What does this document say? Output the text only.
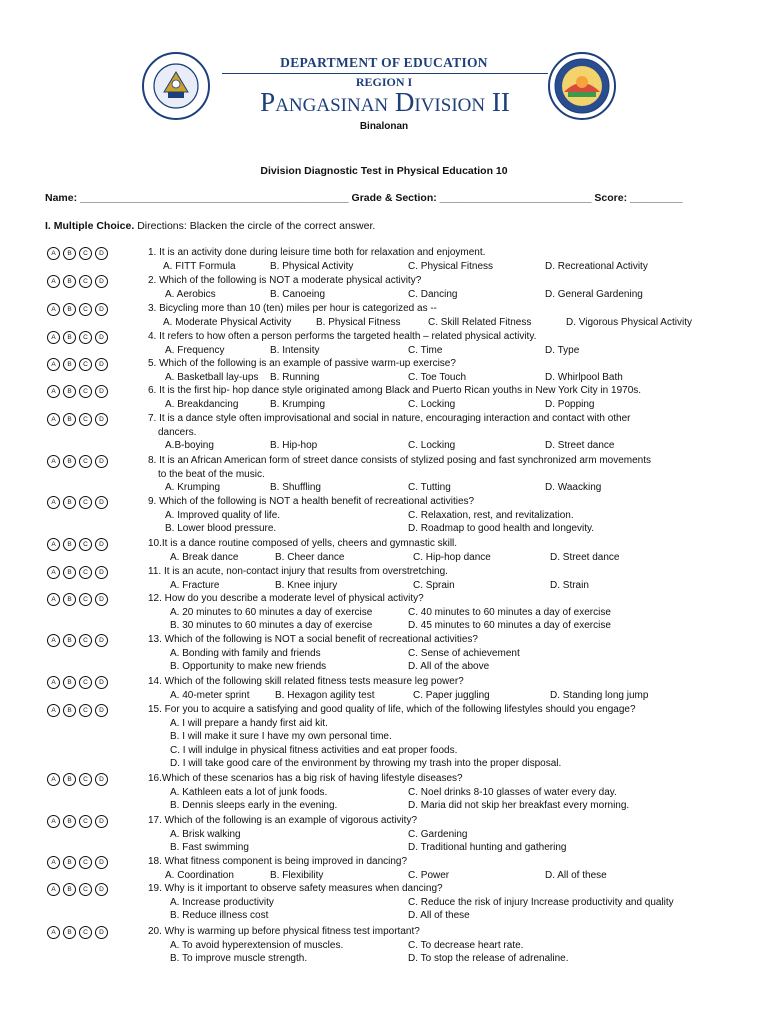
DEPARTMENT OF EDUCATION
REGION I
Pangasinan Division II
Binalonan
Division Diagnostic Test in Physical Education 10
Name: ______________________________________________ Grade & Section: __________________________ Score: _________
I. Multiple Choice. Directions: Blacken the circle of the correct answer.
A	B	C	D	1. It is an activity done during leisure time both for relaxation and enjoyment.
A. FITT Formula	B. Physical Activity	C. Physical Fitness	D. Recreational Activity
A	B	C	D	2. Which of the following is NOT a moderate physical activity?
A. Aerobics	B. Canoeing	C. Dancing	D. General Gardening
A	B	C	D	3. Bicycling more than 10 (ten) miles per hour is categorized as --
A. Moderate Physical Activity B. Physical Fitness	C. Skill Related Fitness	D. Vigorous Physical Activity
A	B	C	D	4. It refers to how often a person performs the targeted health – related physical activity.
A. Frequency	B. Intensity	C. Time	D. Type
A	B	C	D	5. Which of the following is an example of passive warm-up exercise?
A. Basketball lay-ups B. Running	C. Toe Touch	D. Whirlpool Bath
A	B	C	D	6. It is the first hip- hop dance style originated among Black and Puerto Rican youths in New York City in 1970s.
A. Breakdancing	B. Krumping	C. Locking	D. Popping
A	B	C	D	7. It is a dance style often improvisational and social in nature, encouraging interaction and contact with other
dancers.
A.B-boying	B. Hip-hop	C. Locking	D. Street dance
A	B	C	D	8. It is an African American form of street dance consists of stylized posing and fast synchronized arm movements
to the beat of the music.
A. Krumping	B. Shuffling	C. Tutting	D. Waacking
A	B	C	D	9. Which of the following is NOT a health benefit of recreational activities?
A. Improved quality of life.	C. Relaxation, rest, and revitalization.
B. Lower blood pressure.	D. Roadmap to good health and longevity.
A	B	C	D	10.It is a dance routine composed of yells, cheers and gymnastic skill.
A. Break dance	B. Cheer dance	C. Hip-hop dance	D. Street dance
A	B	C	D	11. It is an acute, non-contact injury that results from overstretching.
A. Fracture	B. Knee injury	C. Sprain	D. Strain
A	B	C	D	12. How do you describe a moderate level of physical activity?
A. 20 minutes to 60 minutes a day of exercise	C. 40 minutes to 60 minutes a day of exercise
B. 30 minutes to 60 minutes a day of exercise	D. 45 minutes to 60 minutes a day of exercise
A	B	C	D	13. Which of the following is NOT a social benefit of recreational activities?
A. Bonding with family and friends	C. Sense of achievement
B. Opportunity to make new friends	D. All of the above
A	B	C	D	14. Which of the following skill related fitness tests measure leg power?
A. 40-meter sprint	B. Hexagon agility test	C. Paper juggling	D. Standing long jump
A	B	C	D	15. For you to acquire a satisfying and good quality of life, which of the following lifestyles should you engage?
A. I will prepare a handy first aid kit.
B. I will make it sure I have my own personal time.
C. I will indulge in physical fitness activities and eat proper foods.
D. I will take good care of the environment by throwing my trash into the proper disposal.
A	B	C	D	16.Which of these scenarios has a big risk of having lifestyle diseases?
A. Kathleen eats a lot of junk foods.	C. Noel drinks 8-10 glasses of water every day.
B. Dennis sleeps early in the evening.	D. Maria did not skip her breakfast every morning.
A	B	C	D	17. Which of the following is an example of vigorous activity?
A. Brisk walking	C. Gardening
B. Fast swimming	D. Traditional hunting and gathering
A	B	C	D	18. What fitness component is being improved in dancing?
A. Coordination	B. Flexibility	C. Power	D. All of these
A	B	C	D	19. Why is it important to observe safety measures when dancing?
A. Increase productivity	C. Reduce the risk of injury Increase productivity and quality
B. Reduce illness cost	D. All of these
A	B	C	D	20. Why is warming up before physical fitness test important?
A. To avoid hyperextension of muscles.	C. To decrease heart rate.
B. To improve muscle strength.	D. To stop the release of adrenaline.
